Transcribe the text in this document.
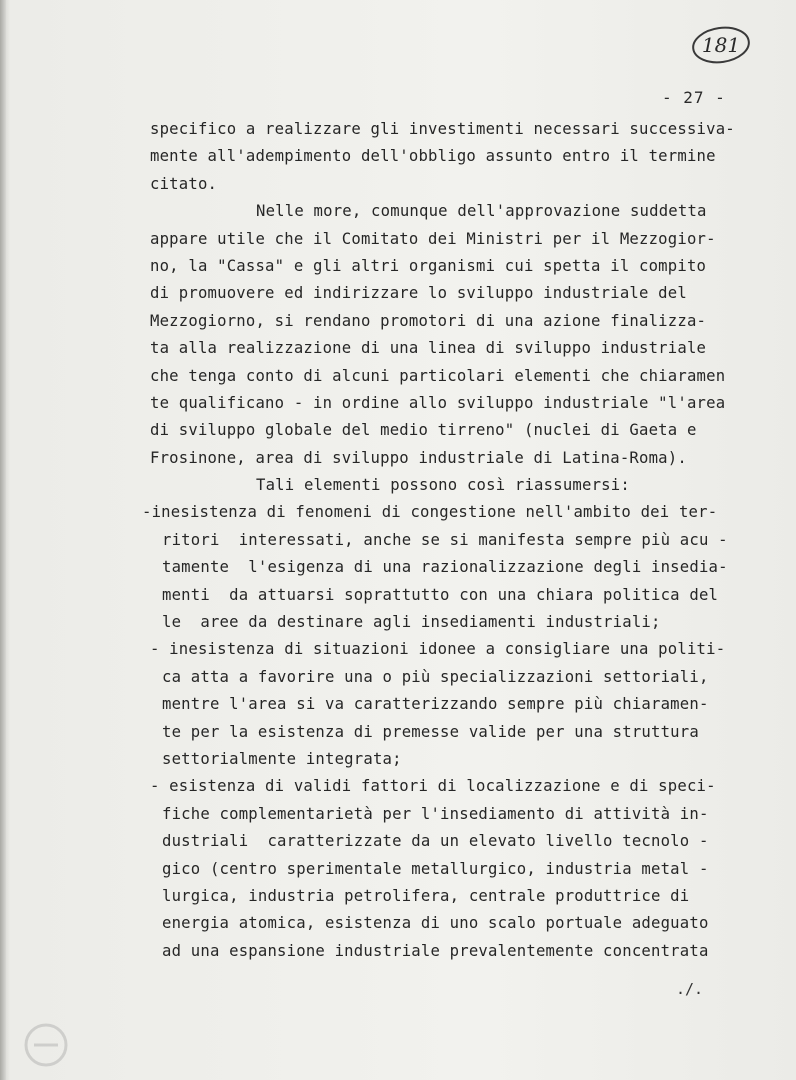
181
- 27 -
specifico a realizzare gli investimenti necessari successiva-
mente all'adempimento dell'obbligo assunto entro il termine
citato.
Nelle more, comunque dell'approvazione suddetta
appare utile che il Comitato dei Ministri per il Mezzogior-
no, la "Cassa" e gli altri organismi cui spetta il compito
di promuovere ed indirizzare lo sviluppo industriale del
Mezzogiorno, si rendano promotori di una azione finalizza-
ta alla realizzazione di una linea di sviluppo industriale
che tenga conto di alcuni particolari elementi che chiaramen
te qualificano - in ordine allo sviluppo industriale "l'area
di sviluppo globale del medio tirreno" (nuclei di Gaeta e
Frosinone, area di sviluppo industriale di Latina-Roma).
Tali elementi possono così riassumersi:
-inesistenza di fenomeni di congestione nell'ambito dei ter-
ritori  interessati, anche se si manifesta sempre più acu -
tamente  l'esigenza di una razionalizzazione degli insedia-
menti  da attuarsi soprattutto con una chiara politica del
le  aree da destinare agli insediamenti industriali;
- inesistenza di situazioni idonee a consigliare una politi-
ca atta a favorire una o più specializzazioni settoriali,
mentre l'area si va caratterizzando sempre più chiaramen-
te per la esistenza di premesse valide per una struttura
settorialmente integrata;
- esistenza di validi fattori di localizzazione e di speci-
fiche complementarietà per l'insediamento di attività in-
dustriali  caratterizzate da un elevato livello tecnolo -
gico (centro sperimentale metallurgico, industria metal -
lurgica, industria petrolifera, centrale produttrice di
energia atomica, esistenza di uno scalo portuale adeguato
ad una espansione industriale prevalentemente concentrata
./.
